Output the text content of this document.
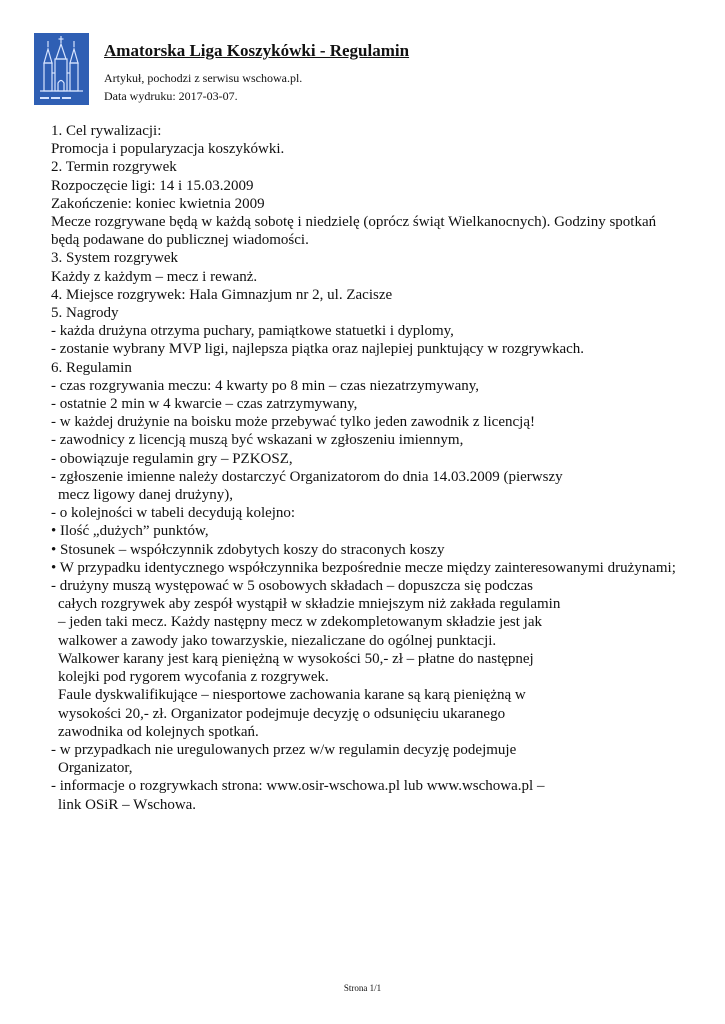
Amatorska Liga Koszykówki - Regulamin
Artykuł, pochodzi z serwisu wschowa.pl.
Data wydruku: 2017-03-07.
1. Cel rywalizacji:
Promocja i popularyzacja koszykówki.
2. Termin rozgrywek
Rozpoczęcie ligi: 14 i 15.03.2009
Zakończenie: koniec kwietnia 2009
Mecze rozgrywane będą w każdą sobotę i niedzielę (oprócz świąt Wielkanocnych). Godziny spotkań
będą podawane do publicznej wiadomości.
3. System rozgrywek
Każdy z każdym – mecz i rewanż.
4. Miejsce rozgrywek: Hala Gimnazjum nr 2, ul. Zacisze
5. Nagrody
- każda drużyna otrzyma puchary, pamiątkowe statuetki i dyplomy,
- zostanie wybrany MVP ligi, najlepsza piątka oraz najlepiej punktujący w rozgrywkach.
6. Regulamin
- czas rozgrywania meczu: 4 kwarty po 8 min – czas niezatrzymywany,
- ostatnie 2 min w 4 kwarcie – czas zatrzymywany,
- w każdej drużynie na boisku może przebywać tylko jeden zawodnik z licencją!
- zawodnicy z licencją muszą być wskazani w zgłoszeniu imiennym,
- obowiązuje regulamin gry – PZKOSZ,
- zgłoszenie imienne należy dostarczyć Organizatorom do dnia 14.03.2009 (pierwszy
mecz ligowy danej drużyny),
- o kolejności w tabeli decydują kolejno:
• Ilość „dużych” punktów,
• Stosunek – współczynnik zdobytych koszy do straconych koszy
• W przypadku identycznego współczynnika bezpośrednie mecze między zainteresowanymi drużynami;
- drużyny muszą występować w 5 osobowych składach – dopuszcza się podczas
całych rozgrywek aby zespół wystąpił w składzie mniejszym niż zakłada regulamin
– jeden taki mecz. Każdy następny mecz w zdekompletowanym składzie jest jak
walkower a zawody jako towarzyskie, niezaliczane do ogólnej punktacji.
Walkower karany jest karą pieniężną w wysokości 50,- zł – płatne do następnej
kolejki pod rygorem wycofania z rozgrywek.
Faule dyskwalifikujące – niesportowe zachowania karane są karą pieniężną w
wysokości 20,- zł. Organizator podejmuje decyzję o odsunięciu ukaranego
zawodnika od kolejnych spotkań.
- w przypadkach nie uregulowanych przez w/w regulamin decyzję podejmuje
Organizator,
- informacje o rozgrywkach strona: www.osir-wschowa.pl lub www.wschowa.pl –
link OSiR – Wschowa.
Strona 1/1
